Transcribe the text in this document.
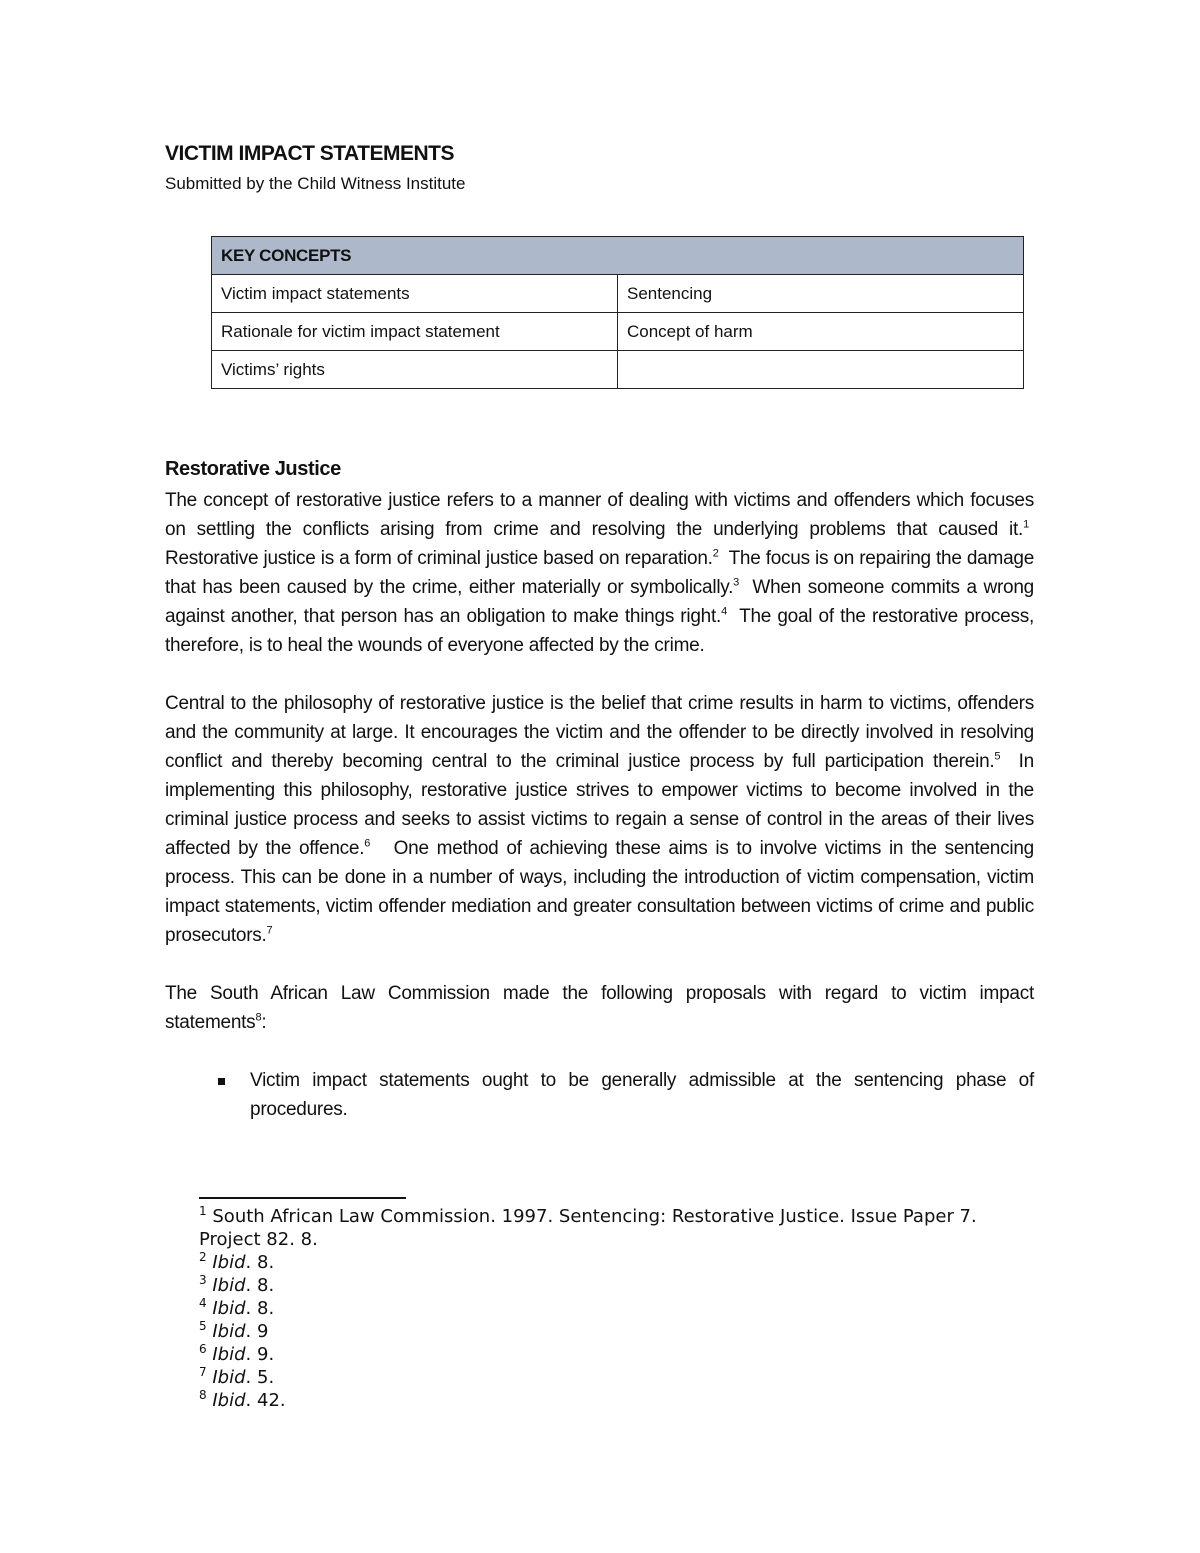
VICTIM IMPACT STATEMENTS

Submitted by the Child Witness Institute

KEY CONCEPTS	
Victim impact statements	Sentencing
Rationale for victim impact statement	Concept of harm
Victims’ rights	
Restorative Justice

The concept of restorative justice refers to a manner of dealing with victims and offenders which focuses on settling the conflicts arising from crime and resolving the underlying problems that caused it.$^1$  Restorative justice is a form of criminal justice based on reparation.$^2$ The focus is on repairing the damage that has been caused by the crime, either materially or symbolically.$^3$ When someone commits a wrong against another, that person has an obligation to make things right.$^4$ The goal of the restorative process, therefore, is to heal the wounds of everyone affected by the crime.

Central to the philosophy of restorative justice is the belief that crime results in harm to victims, offenders and the community at large. It encourages the victim and the offender to be directly involved in resolving conflict and thereby becoming central to the criminal justice process by full participation therein.$^5$ In implementing this philosophy, restorative justice strives to empower victims to become involved in the criminal justice process and seeks to assist victims to regain a sense of control in the areas of their lives affected by the offence.$^6$ One method of achieving these aims is to involve victims in the sentencing process. This can be done in a number of ways, including the introduction of victim compensation, victim impact statements, victim offender mediation and greater consultation between victims of crime and public prosecutors.$^7$

The South African Law Commission made the following proposals with regard to victim impact statements$^8$:

Victim impact statements ought to be generally admissible at the sentencing phase of procedures.

$^1$ South African Law Commission. 1997. Sentencing: Restorative Justice. Issue Paper 7. Project 82. 8.

$^2$ Ibid. 8.

$^3$ Ibid. 8.

$^4$ Ibid. 8.

$^5$ Ibid. 9

$^6$ Ibid. 9.

$^7$ Ibid. 5.

$^8$ Ibid. 42.
